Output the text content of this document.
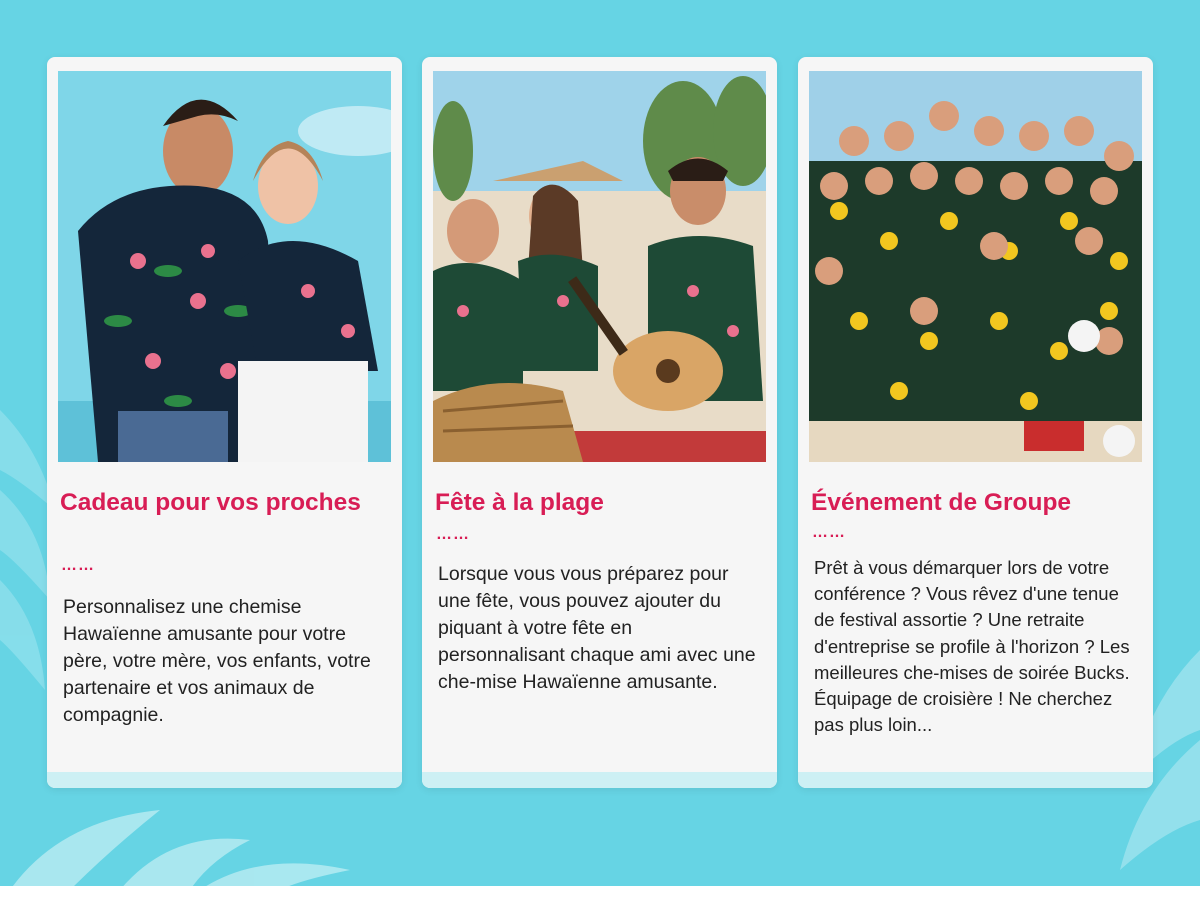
Cadeau pour vos proches
……

Personnalisez une chemise Hawaïenne amusante pour votre père, votre mère, vos enfants, votre partenaire et vos animaux de compagnie.

Fête à la plage
……

Lorsque vous vous préparez pour une fête, vous pouvez ajouter du piquant à votre fête en personnalisant chaque ami avec une che-mise Hawaïenne amusante.

Événement de Groupe
……

Prêt à vous démarquer lors de votre conférence ? Vous rêvez d'une tenue de festival assortie ? Une retraite d'entreprise se profile à l'horizon ? Les meilleures che-mises de soirée Bucks. Équipage de croisière ! Ne cherchez pas plus loin...
